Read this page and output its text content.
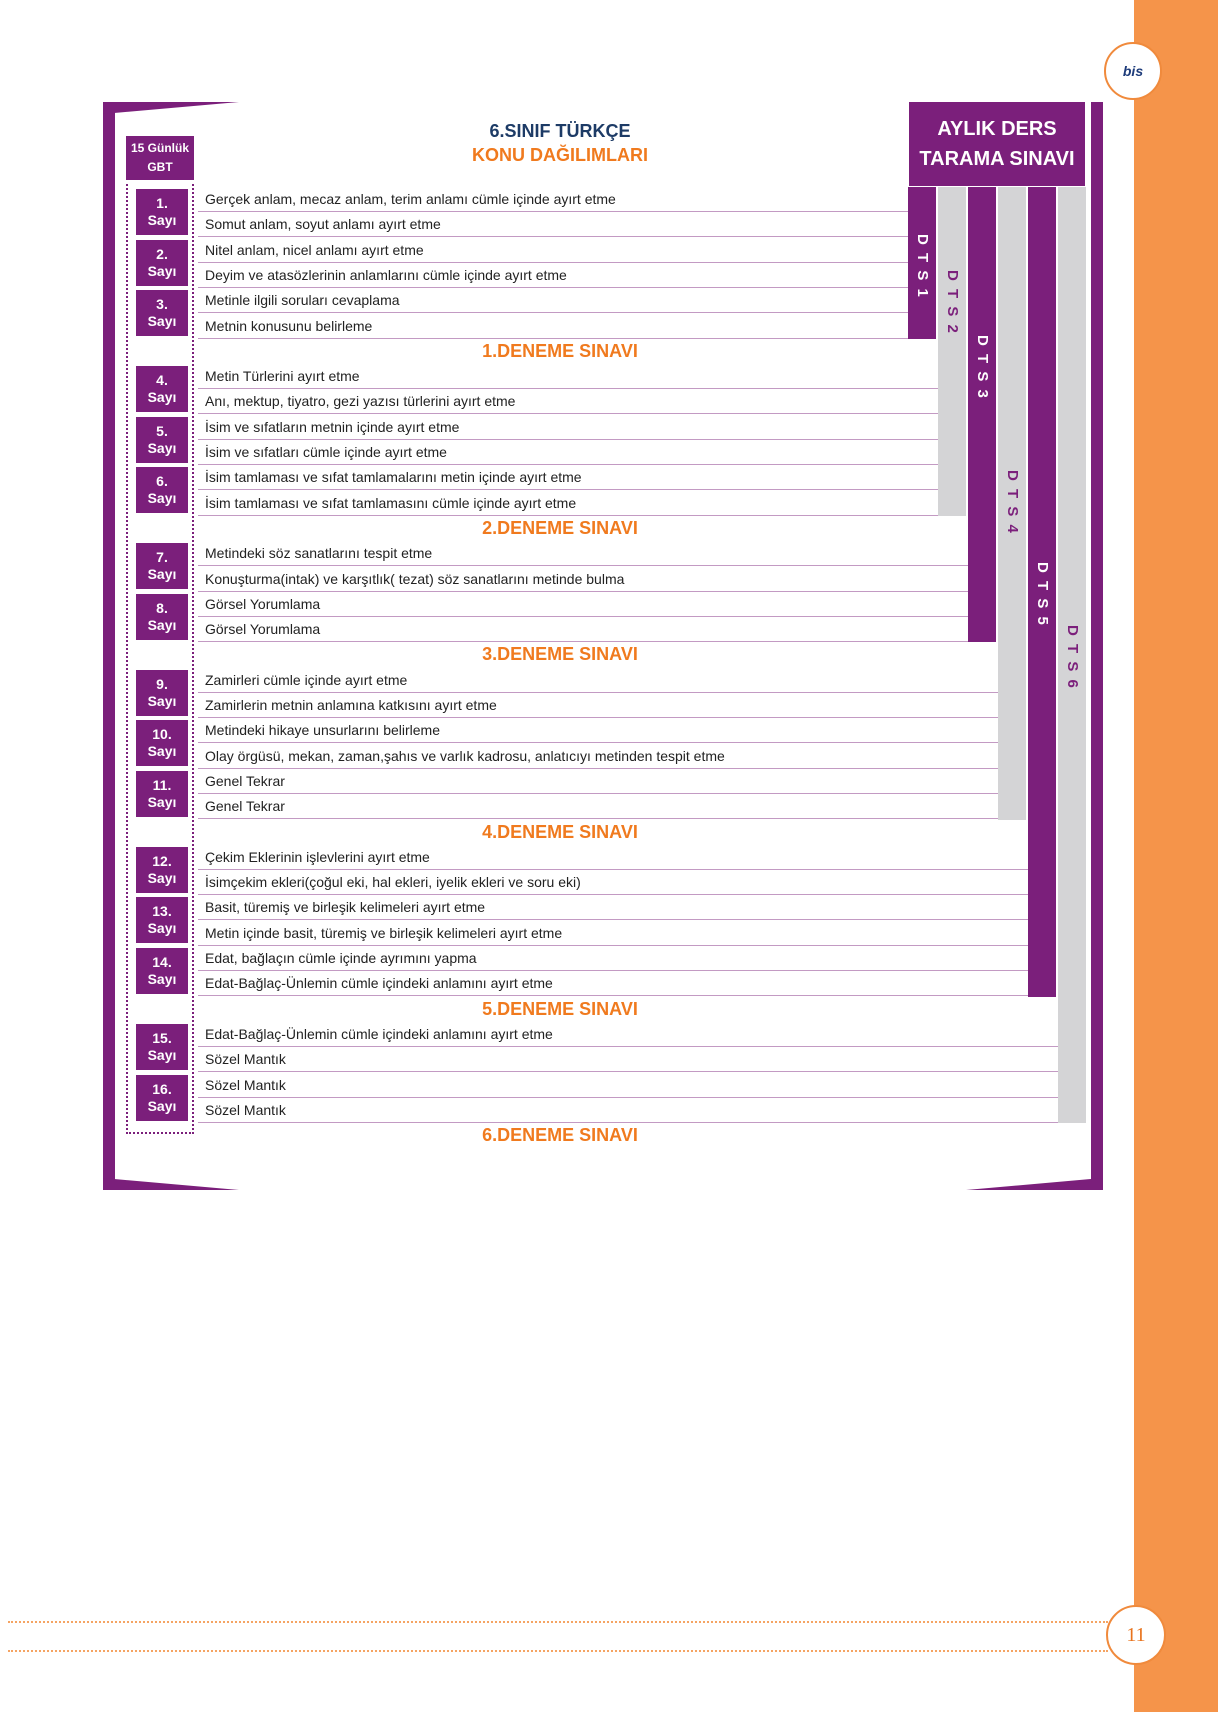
bis
11
15 Günlük
GBT
6.SINIF TÜRKÇE
KONU DAĞILIMLARI
AYLIK DERS
TARAMA SINAVI
1.
Sayı
2.
Sayı
3.
Sayı
4.
Sayı
5.
Sayı
6.
Sayı
7.
Sayı
8.
Sayı
9.
Sayı
10.
Sayı
11.
Sayı
12.
Sayı
13.
Sayı
14.
Sayı
15.
Sayı
16.
Sayı
Gerçek anlam, mecaz anlam, terim anlamı cümle içinde ayırt etme
Somut anlam, soyut anlamı ayırt etme
Nitel anlam, nicel anlamı ayırt etme
Deyim ve atasözlerinin anlamlarını cümle içinde ayırt etme
Metinle ilgili soruları cevaplama
Metnin konusunu belirleme
1.DENEME SINAVI
Metin Türlerini ayırt etme
Anı, mektup, tiyatro, gezi yazısı türlerini ayırt etme
İsim ve sıfatların metnin içinde ayırt etme
İsim ve sıfatları cümle içinde ayırt etme
İsim tamlaması ve sıfat tamlamalarını metin içinde ayırt etme
İsim tamlaması ve sıfat tamlamasını cümle içinde ayırt etme
2.DENEME SINAVI
Metindeki söz sanatlarını tespit etme
Konuşturma(intak) ve karşıtlık( tezat) söz sanatlarını metinde bulma
Görsel Yorumlama
Görsel Yorumlama
3.DENEME SINAVI
Zamirleri cümle içinde ayırt etme
Zamirlerin metnin anlamına katkısını ayırt etme
Metindeki hikaye unsurlarını belirleme
Olay örgüsü, mekan, zaman,şahıs ve varlık kadrosu, anlatıcıyı metinden tespit etme
Genel Tekrar
Genel Tekrar
4.DENEME SINAVI
Çekim Eklerinin işlevlerini ayırt etme
İsimçekim ekleri(çoğul eki, hal ekleri, iyelik ekleri ve soru eki)
Basit, türemiş ve birleşik kelimeleri ayırt etme
Metin içinde basit, türemiş ve birleşik kelimeleri ayırt etme
Edat, bağlaçın cümle içinde ayrımını yapma
Edat-Bağlaç-Ünlemin cümle içindeki anlamını ayırt etme
5.DENEME SINAVI
Edat-Bağlaç-Ünlemin cümle içindeki anlamını ayırt etme
Sözel Mantık
Sözel Mantık
Sözel Mantık
6.DENEME SINAVI
D T S 1
D T S 2
D T S 3
D T S 4
D T S 5
D T S 6
